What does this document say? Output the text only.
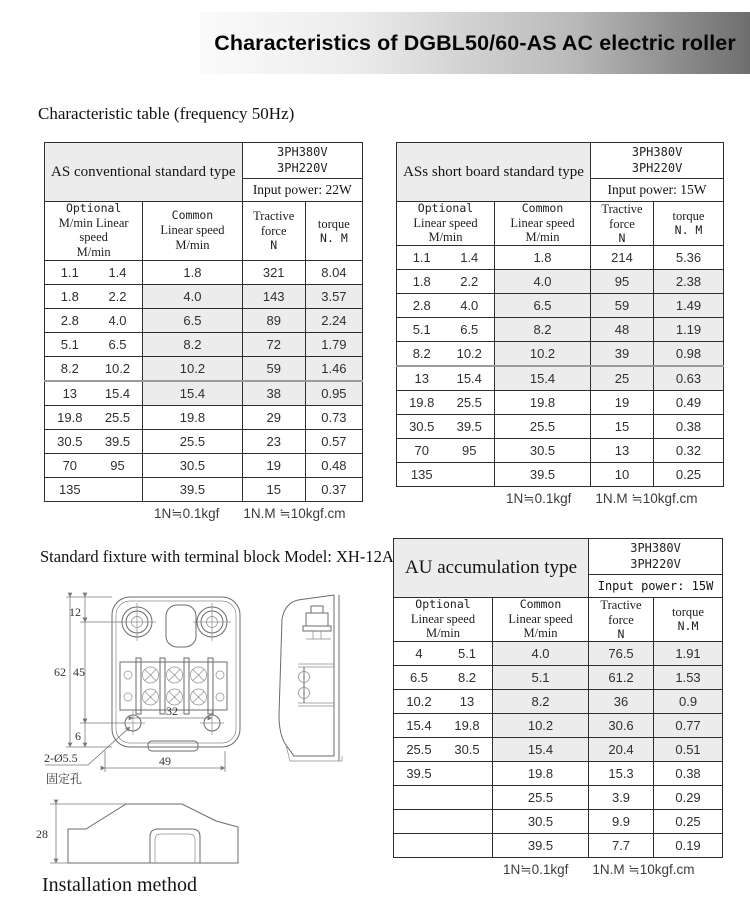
Characteristics of DGBL50/60-AS AC electric roller
Characteristic table (frequency 50Hz)
AS conventional standard type		3PH380V
3PH220V	

		Input power: 22W	

Optional
M/min Linear speed
M/min	Common
Linear speed
M/min	Tractive force
N	torque
N. M

1.1 1.4	1.8	321	8.04
1.8 2.2	4.0	143	3.57
2.8 4.0	6.5	89	2.24
5.1 6.5	8.2	72	1.79
8.2 10.2	10.2	59	1.46
13 15.4	15.4	38	0.95
19.8 25.5	19.8	29	0.73
30.5 39.5	25.5	23	0.57
70 95	30.5	19	0.48
135	39.5	15	0.37
1N≒0.1kgf 1N.M ≒10kgf.cm
ASs short board standard type		3PH380V
3PH220V	

		Input power: 15W	

Optional
Linear speed
M/min	Common
Linear speed M/min	Tractive force
N	torque
N. M

1.1 1.4	1.8	214	5.36
1.8 2.2	4.0	95	2.38
2.8 4.0	6.5	59	1.49
5.1 6.5	8.2	48	1.19
8.2 10.2	10.2	39	0.98
13 15.4	15.4	25	0.63
19.8 25.5	19.8	19	0.49
30.5 39.5	25.5	15	0.38
70 95	30.5	13	0.32
135	39.5	10	0.25
1N≒0.1kgf 1N.M ≒10kgf.cm
AU accumulation type		3PH380V
3PH220V	

		Input power: 15W	

Optional
Linear speed M/min	Common
Linear speed M/min	Tractive force
N	torque
N.M

4 5.1	4.0	76.5	1.91
6.5 8.2	5.1	61.2	1.53
10.2 13	8.2	36	0.9
15.4 19.8	10.2	30.6	0.77
25.5 30.5	15.4	20.4	0.51
39.5	19.8	15.3	0.38
	25.5	3.9	0.29
	30.5	9.9	0.25
	39.5	7.7	0.19
1N≒0.1kgf 1N.M ≒10kgf.cm
Standard fixture with terminal block Model: XH-12A
12
62 45
6
32
49
2-Ø5.5
固定孔
28
Installation method
